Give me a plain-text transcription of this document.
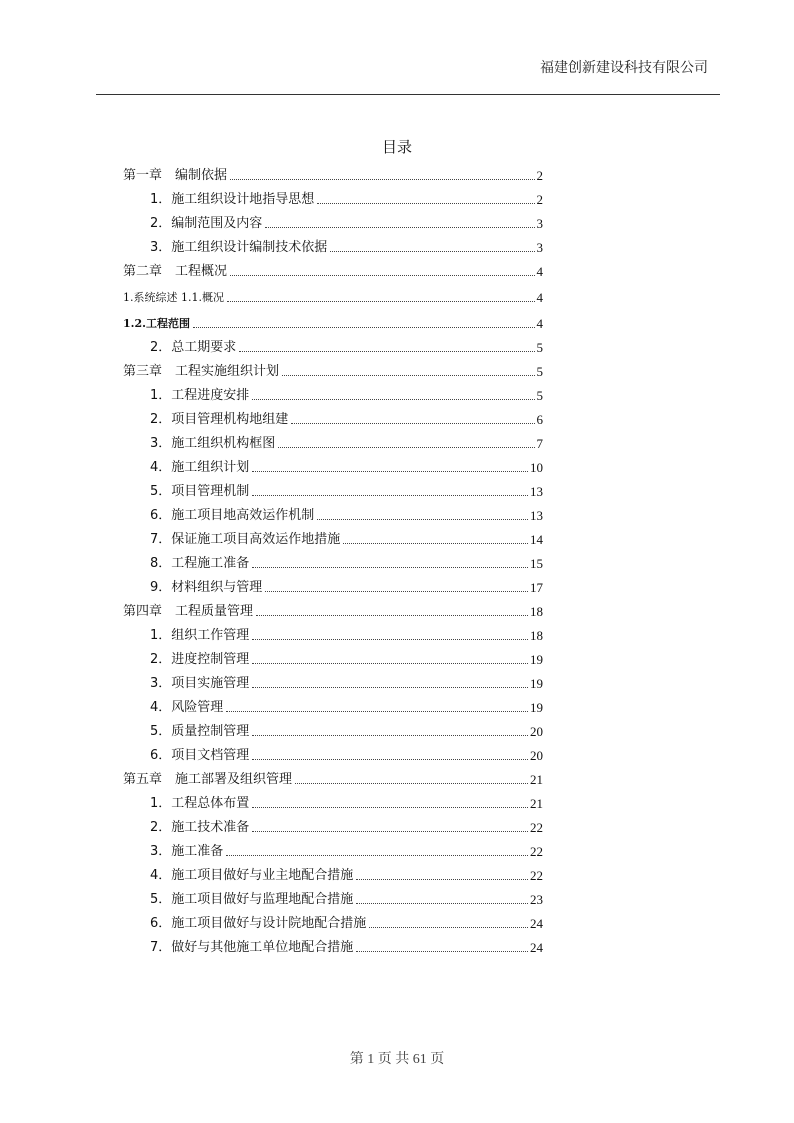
福建创新建设科技有限公司
目录
第一章　编制依据	2
1．施工组织设计地指导思想	2
2．编制范围及内容	3
3．施工组织设计编制技术依据	3
第二章　工程概况	4
1.系统综述 1.1.概况	4
1.2.工程范围	4
2．总工期要求	5
第三章　工程实施组织计划	5
1．工程进度安排	5
2．项目管理机构地组建	6
3．施工组织机构框图	7
4．施工组织计划	10
5．项目管理机制	13
6．施工项目地高效运作机制	13
7．保证施工项目高效运作地措施	14
8．工程施工准备	15
9．材料组织与管理	17
第四章　工程质量管理	18
1．组织工作管理	18
2．进度控制管理	19
3．项目实施管理	19
4．风险管理	19
5．质量控制管理	20
6．项目文档管理	20
第五章　施工部署及组织管理	21
1．工程总体布置	21
2．施工技术准备	22
3．施工准备	22
4．施工项目做好与业主地配合措施	22
5．施工项目做好与监理地配合措施	23
6．施工项目做好与设计院地配合措施	24
7．做好与其他施工单位地配合措施	24
第 1 页 共 61 页
